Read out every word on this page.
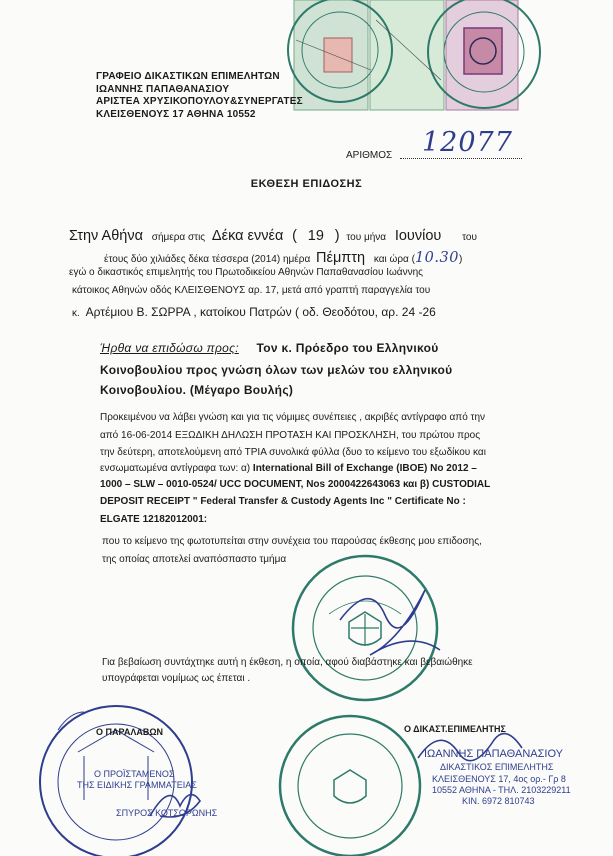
ΓΡΑΦΕΙΟ ΔΙΚΑΣΤΙΚΩΝ ΕΠΙΜΕΛΗΤΩΝ
ΙΩΑΝΝΗΣ ΠΑΠΑΘΑΝΑΣΙΟΥ
ΑΡΙΣΤΕΑ ΧΡΥΣΙΚΟΠΟΥΛΟΥ&ΣΥΝΕΡΓΑΤΕΣ
ΚΛΕΙΣΘΕΝΟΥΣ 17 ΑΘΗΝΑ 10552
ΑΡΙΘΜΟΣ 12077
ΕΚΘΕΣΗ ΕΠΙΔΟΣΗΣ
Στην Αθήνα σήμερα στις Δέκα εννέα ( 19 ) του μήνα Ιουνίου του
έτους δύο χιλιάδες δέκα τέσσερα (2014) ημέρα Πέμπτη και ώρα (10.30)
εγώ ο δικαστικός επιμελητής του Πρωτοδικείου Αθηνών Παπαθανασίου Ιωάννης
κάτοικος Αθηνών οδός ΚΛΕΙΣΘΕΝΟΥΣ αρ. 17, μετά από γραπτή παραγγελία του
κ. Αρτέμιου Β. ΣΩΡΡΑ , κατοίκου Πατρών ( οδ. Θεοδότου, αρ. 24 -26
Ήρθα να επιδώσω προς: Τον κ. Πρόεδρο του Ελληνικού
Κοινοβουλίου προς γνώση όλων των μελών του ελληνικού
Κοινοβουλίου. (Μέγαρο Βουλής)
Προκειμένου να λάβει γνώση και για τις νόμιμες συνέπειες , ακριβές αντίγραφο από την
από 16-06-2014 ΕΞΩΔΙΚΗ ΔΗΛΩΣΗ ΠΡΟΤΑΣΗ ΚΑΙ ΠΡΟΣΚΛΗΣΗ, του πρώτου προς
την δεύτερη, αποτελούμενη από ΤΡΙΑ συνολικά φύλλα (δυο το κείμενο του εξωδίκου και
ενσωματωμένα αντίγραφα των: α) International Bill of Exchange (IBOE) No 2012 –
1000 – SLW – 0010-0524/ UCC DOCUMENT, Nos 2000422643063 και β) CUSTODIAL
DEPOSIT RECEIPT " Federal Transfer & Custody Agents Inc " Certificate No :
ELGATE 12182012001:
που το κείμενο της φωτοτυπείται στην συνέχεια του παρούσας έκθεσης μου επιδοσης,
της οποίας αποτελεί αναπόσπαστο τμήμα
Για βεβαίωση συντάχτηκε αυτή η έκθεση, η οποία, αφού διαβάστηκε και βεβαιώθηκε
υπογράφεται νομίμως ως έπεται .
Ο ΠΑΡΑΛΑΒΩΝ
Ο ΠΡΟΪΣΤΑΜΕΝΟΣ
ΤΗΣ ΕΙΔΙΚΗΣ ΓΡΑΜΜΑΤΕΙΑΣ
ΣΠΥΡΟΣ ΚΟΤΣΟΡΩΝΗΣ
Ο ΔΙΚΑΣΤ.ΕΠΙΜΕΛΗΤΗΣ
ΙΩΑΝΝΗΣ ΠΑΠΑΘΑΝΑΣΙΟΥ
ΔΙΚΑΣΤΙΚΟΣ ΕΠΙΜΕΛΗΤΗΣ
ΚΛΕΙΣΘΕΝΟΥΣ 17, 4ος ορ.- Γρ 8
10552 ΑΘΗΝΑ - ΤΗΛ. 2103229211
ΚΙΝ. 6972 810743
